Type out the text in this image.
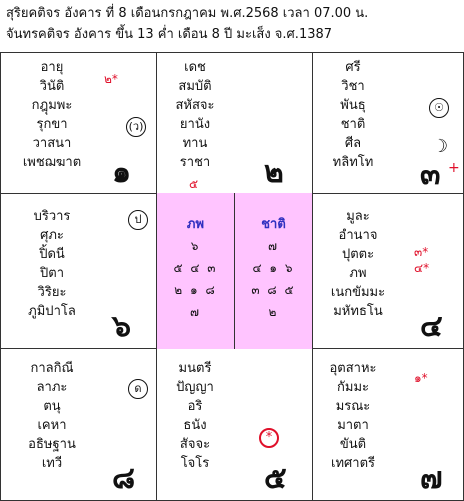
สุริยคติจร อังคาร ที่ 8 เดือนกรกฎาคม พ.ศ.2568 เวลา 07.00 น.
จันทรคติจร อังคาร ขึ้น 13 ค่ำ เดือน 8 ปี มะเส็ง จ.ศ.1387
อายุ
วินัติ
กฎุมพะ
รุกขา
วาสนา
เพชฌฆาต
๒*
(ว)
๑
เดช
สมบัติ
สหัสจะ
ยานัง
ทาน
ราชา
๕ ๒
ศรี
วิชา
พันธุ
ชาติ
ศีล
ทลิทโท
☉
☽
๓ +
บริวาร
ศุภะ
ปิ้ดนี
ปิตา
วิริยะ
ภูมิปาโล
ป
๖
ภพ
๖
๕ ๔ ๓
๒ ๑ ๘
๗
ชาติ
๗
๔ ๑ ๖
๓ ๘ ๕
๒
มูละ
อำนาจ
ปุตตะ
ภพ
เนกขัมมะ
มหัทธโน
๓*
๔*
๔
กาลกิณี
ลาภะ
ตนุ
เคหา
อธิษฐาน
เทวี
ด
๘
มนตรี
ปัญญา
อริ
ธนัง
สัจจะ
โจโร
*
๕
อุตสาหะ
กัมมะ
มรณะ
มาตา
ขันติ
เทศาตรี
๑*
๗
